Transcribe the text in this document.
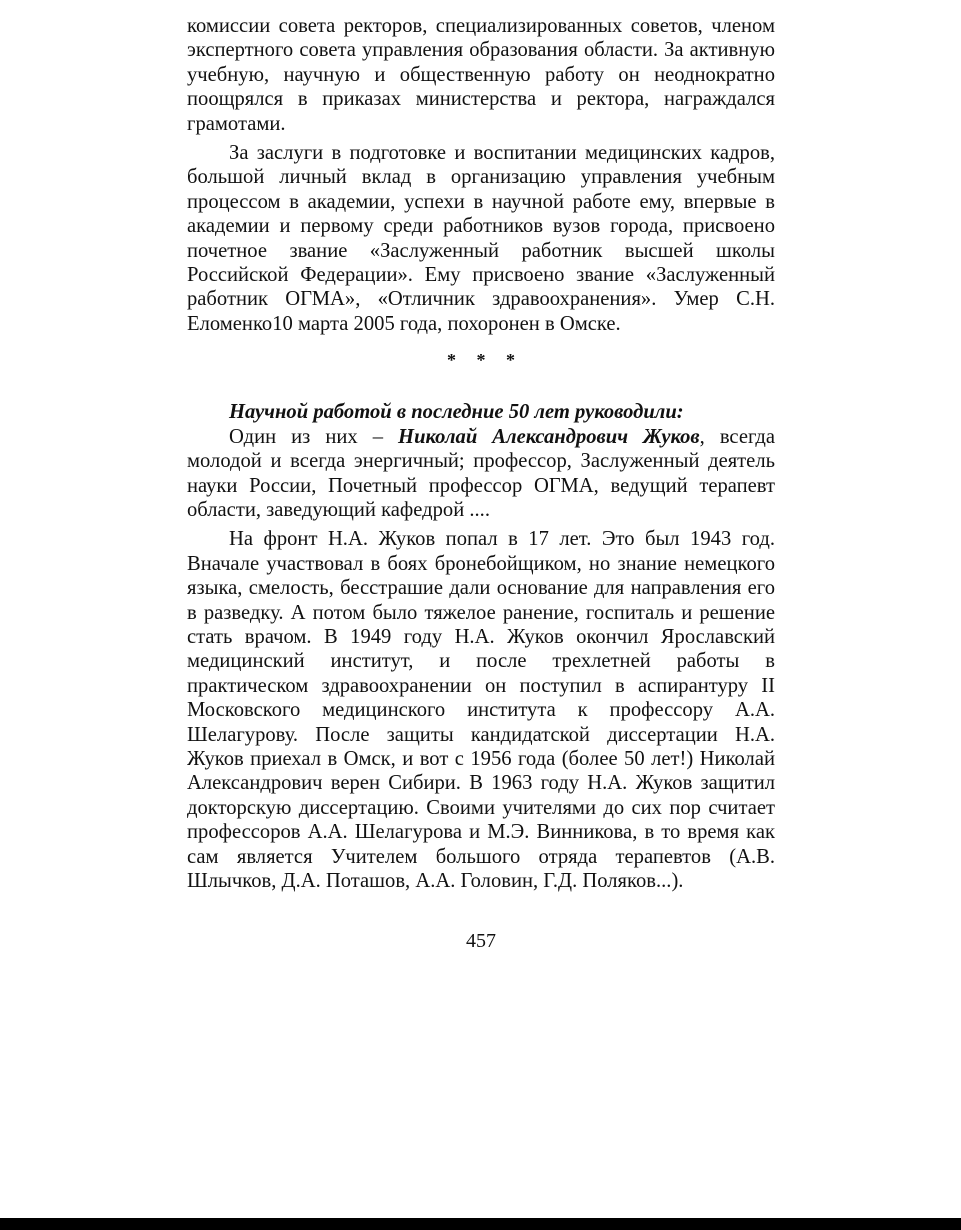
комиссии совета ректоров, специализированных советов, членом экспертного совета управления образования области. За активную учебную, научную и общественную работу он неоднократно поощрялся в приказах министерства и ректора, награждался грамотами.

За заслуги в подготовке и воспитании медицинских кадров, большой личный вклад в организацию управления учебным процессом в академии, успехи в научной работе ему, впервые в академии и первому среди работников вузов города, присвоено почетное звание «Заслуженный работник высшей школы Российской Федерации». Ему присвоено звание «Заслуженный работник ОГМА», «Отличник здравоохранения». Умер С.Н. Еломенко10 марта 2005 года, похоронен в Омске.

* * *

Научной работой в последние 50 лет руководили:

Один из них – Николай Александрович Жуков, всегда молодой и всегда энергичный; профессор, Заслуженный деятель науки России, Почетный профессор ОГМА, ведущий терапевт области, заведующий кафедрой ....

На фронт Н.А. Жуков попал в 17 лет. Это был 1943 год. Вначале участвовал в боях бронебойщиком, но знание немецкого языка, смелость, бесстрашие дали основание для направления его в разведку. А потом было тяжелое ранение, госпиталь и решение стать врачом. В 1949 году Н.А. Жуков окончил Ярославский медицинский институт, и после трехлетней работы в практическом здравоохранении он поступил в аспирантуру II Московского медицинского института к профессору А.А. Шелагурову. После защиты кандидатской диссертации Н.А. Жуков приехал в Омск, и вот с 1956 года (более 50 лет!) Николай Александрович верен Сибири. В 1963 году Н.А. Жуков защитил докторскую диссертацию. Своими учителями до сих пор считает профессоров А.А. Шелагурова и М.Э. Винникова, в то время как сам является Учителем большого отряда терапевтов (А.В. Шлычков, Д.А. Поташов, А.А. Головин, Г.Д. Поляков...).

457
